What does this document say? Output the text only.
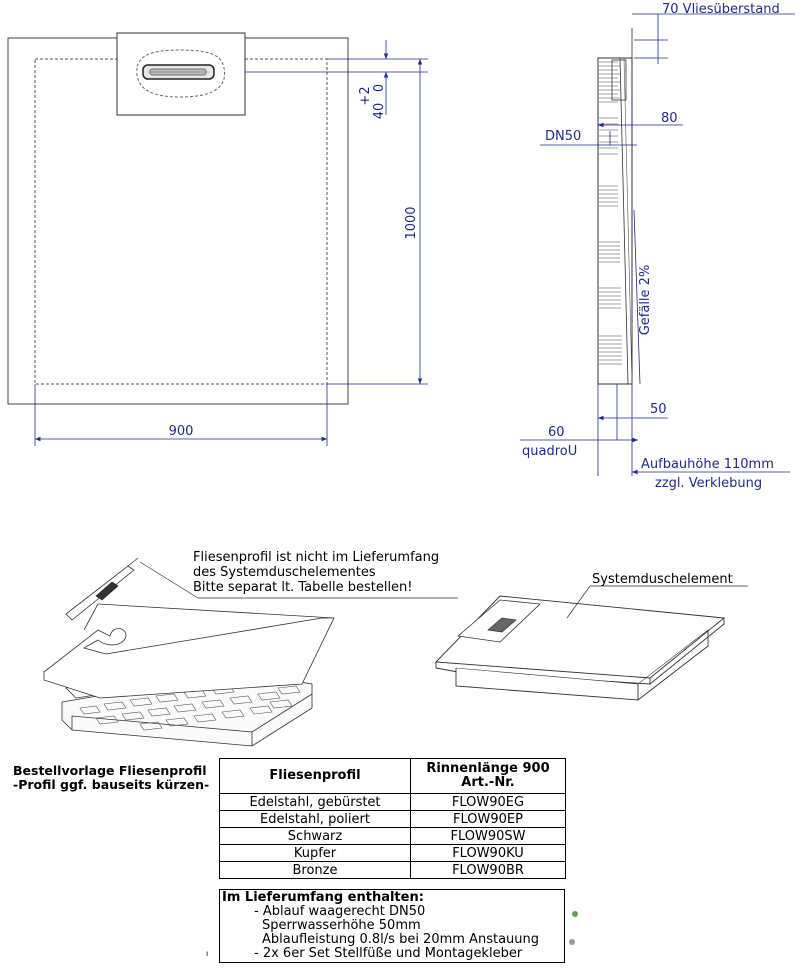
1000
+2 0
40
900
70 Vliesüberstand
80
DN50
Gefälle 2%
50
60
quadroU
Aufbauhöhe 110mm
zzgl. Verklebung
Fliesenprofil ist nicht im Lieferumfang
des Systemduschelementes
Bitte separat lt. Tabelle bestellen!
Systemduschelement
ı
Bestellvorlage Fliesenprofil
-Profil ggf. bauseits kürzen-
Fliesenprofil	Rinnenlänge 900
Art.-Nr.

Edelstahl, gebürstet	FLOW90EG
Edelstahl, poliert	FLOW90EP
Schwarz	FLOW90SW
Kupfer	FLOW90KU
Bronze	FLOW90BR
Im Lieferumfang enthalten:
- Ablauf waagerecht DN50
Sperrwasserhöhe 50mm
Ablaufleistung 0.8l/s bei 20mm Anstauung
- 2x 6er Set Stellfüße und Montagekleber
